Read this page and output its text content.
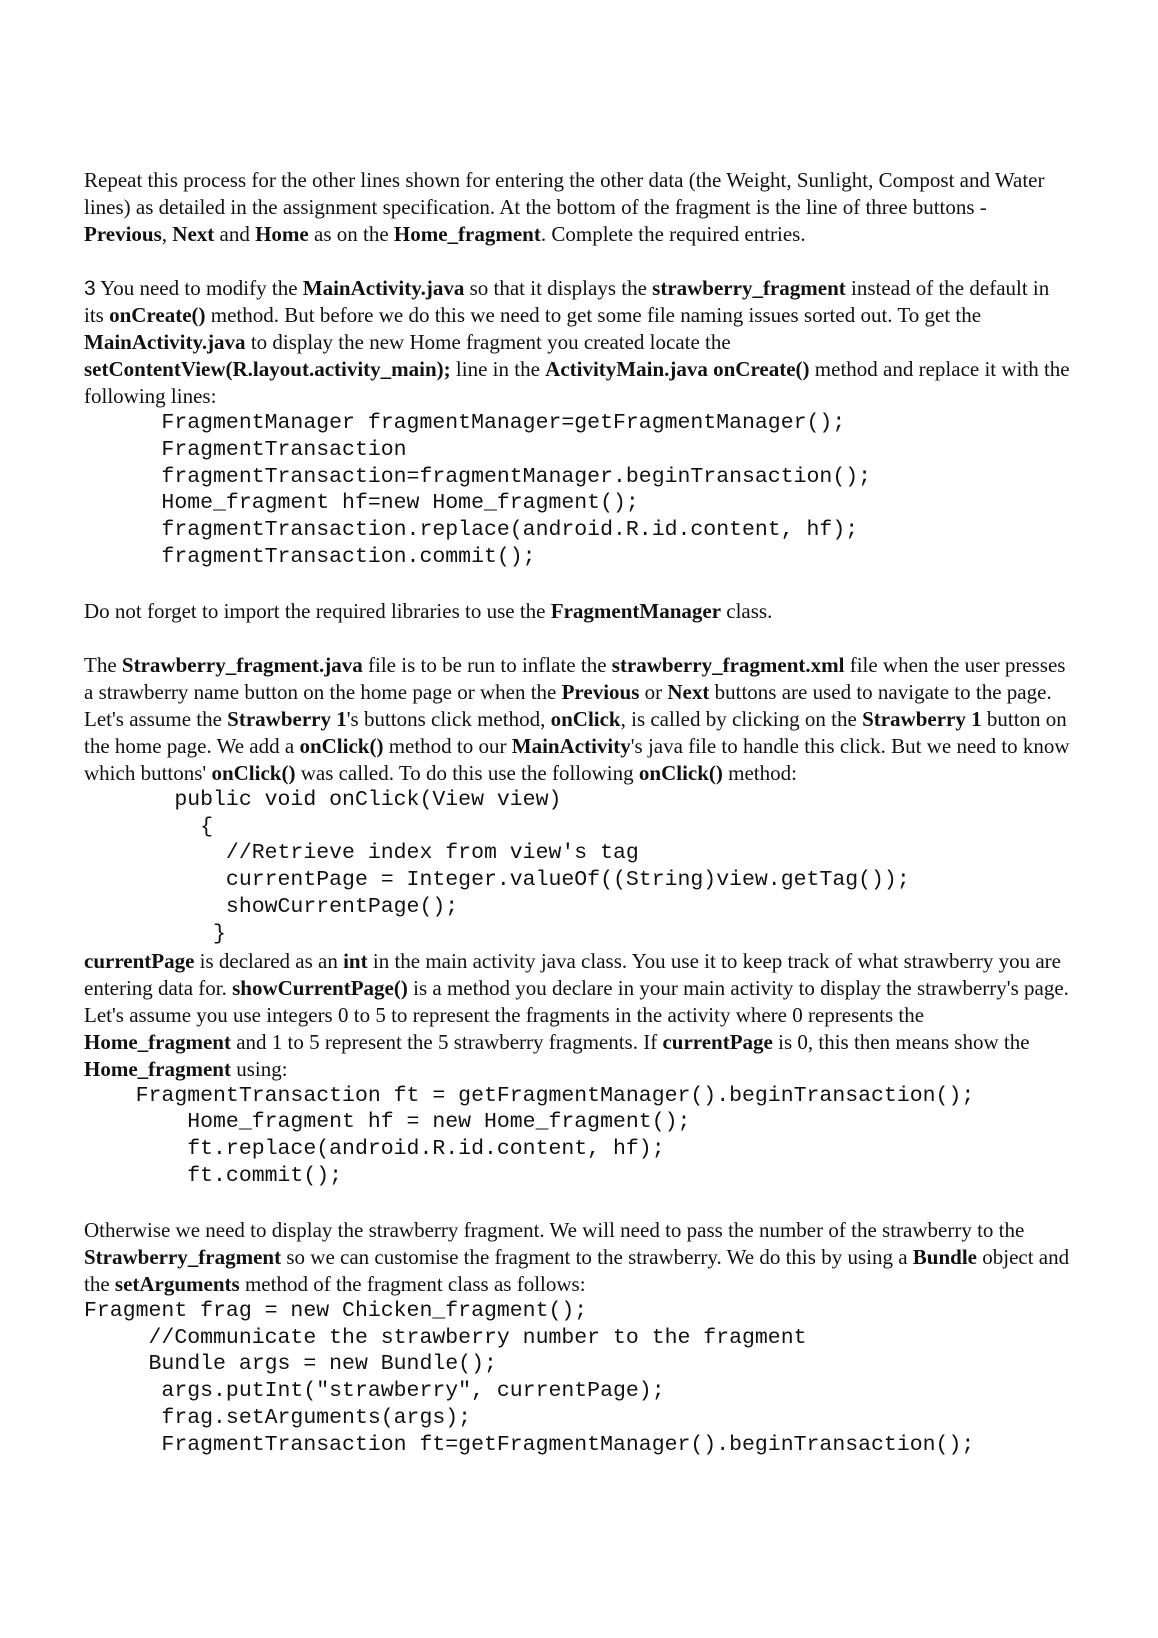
Repeat this process for the other lines shown for entering the other data (the Weight, Sunlight, Compost and Water lines) as detailed in the assignment specification. At the bottom of the fragment is the line of three buttons - Previous, Next and Home as on the Home_fragment. Complete the required entries.

3 You need to modify the MainActivity.java so that it displays the strawberry_fragment instead of the default in its onCreate() method. But before we do this we need to get some file naming issues sorted out. To get the MainActivity.java to display the new Home fragment you created locate the setContentView(R.layout.activity_main); line in the ActivityMain.java onCreate() method and replace it with the following lines:

FragmentManager fragmentManager=getFragmentManager();
FragmentTransaction
fragmentTransaction=fragmentManager.beginTransaction();
Home_fragment hf=new Home_fragment();
fragmentTransaction.replace(android.R.id.content, hf);
fragmentTransaction.commit();

Do not forget to import the required libraries to use the FragmentManager class.

The Strawberry_fragment.java file is to be run to inflate the strawberry_fragment.xml file when the user presses a strawberry name button on the home page or when the Previous or Next buttons are used to navigate to the page. Let's assume the Strawberry 1's buttons click method, onClick, is called by clicking on the Strawberry 1 button on the home page. We add a onClick() method to our MainActivity's java file to handle this click. But we need to know which buttons' onClick() was called. To do this use the following onClick() method:

public void onClick(View view)
{
//Retrieve index from view's tag
currentPage = Integer.valueOf((String)view.getTag());
showCurrentPage();
}

currentPage is declared as an int in the main activity java class. You use it to keep track of what strawberry you are entering data for. showCurrentPage() is a method you declare in your main activity to display the strawberry's page. Let's assume you use integers 0 to 5 to represent the fragments in the activity where 0 represents the Home_fragment and 1 to 5 represent the 5 strawberry fragments. If currentPage is 0, this then means show the Home_fragment using:

FragmentTransaction ft = getFragmentManager().beginTransaction();
Home_fragment hf = new Home_fragment();
ft.replace(android.R.id.content, hf);
ft.commit();

Otherwise we need to display the strawberry fragment. We will need to pass the number of the strawberry to the Strawberry_fragment so we can customise the fragment to the strawberry. We do this by using a Bundle object and the setArguments method of the fragment class as follows:

Fragment frag = new Chicken_fragment();
//Communicate the strawberry number to the fragment
Bundle args = new Bundle();
args.putInt("strawberry", currentPage);
frag.setArguments(args);
FragmentTransaction ft=getFragmentManager().beginTransaction();
